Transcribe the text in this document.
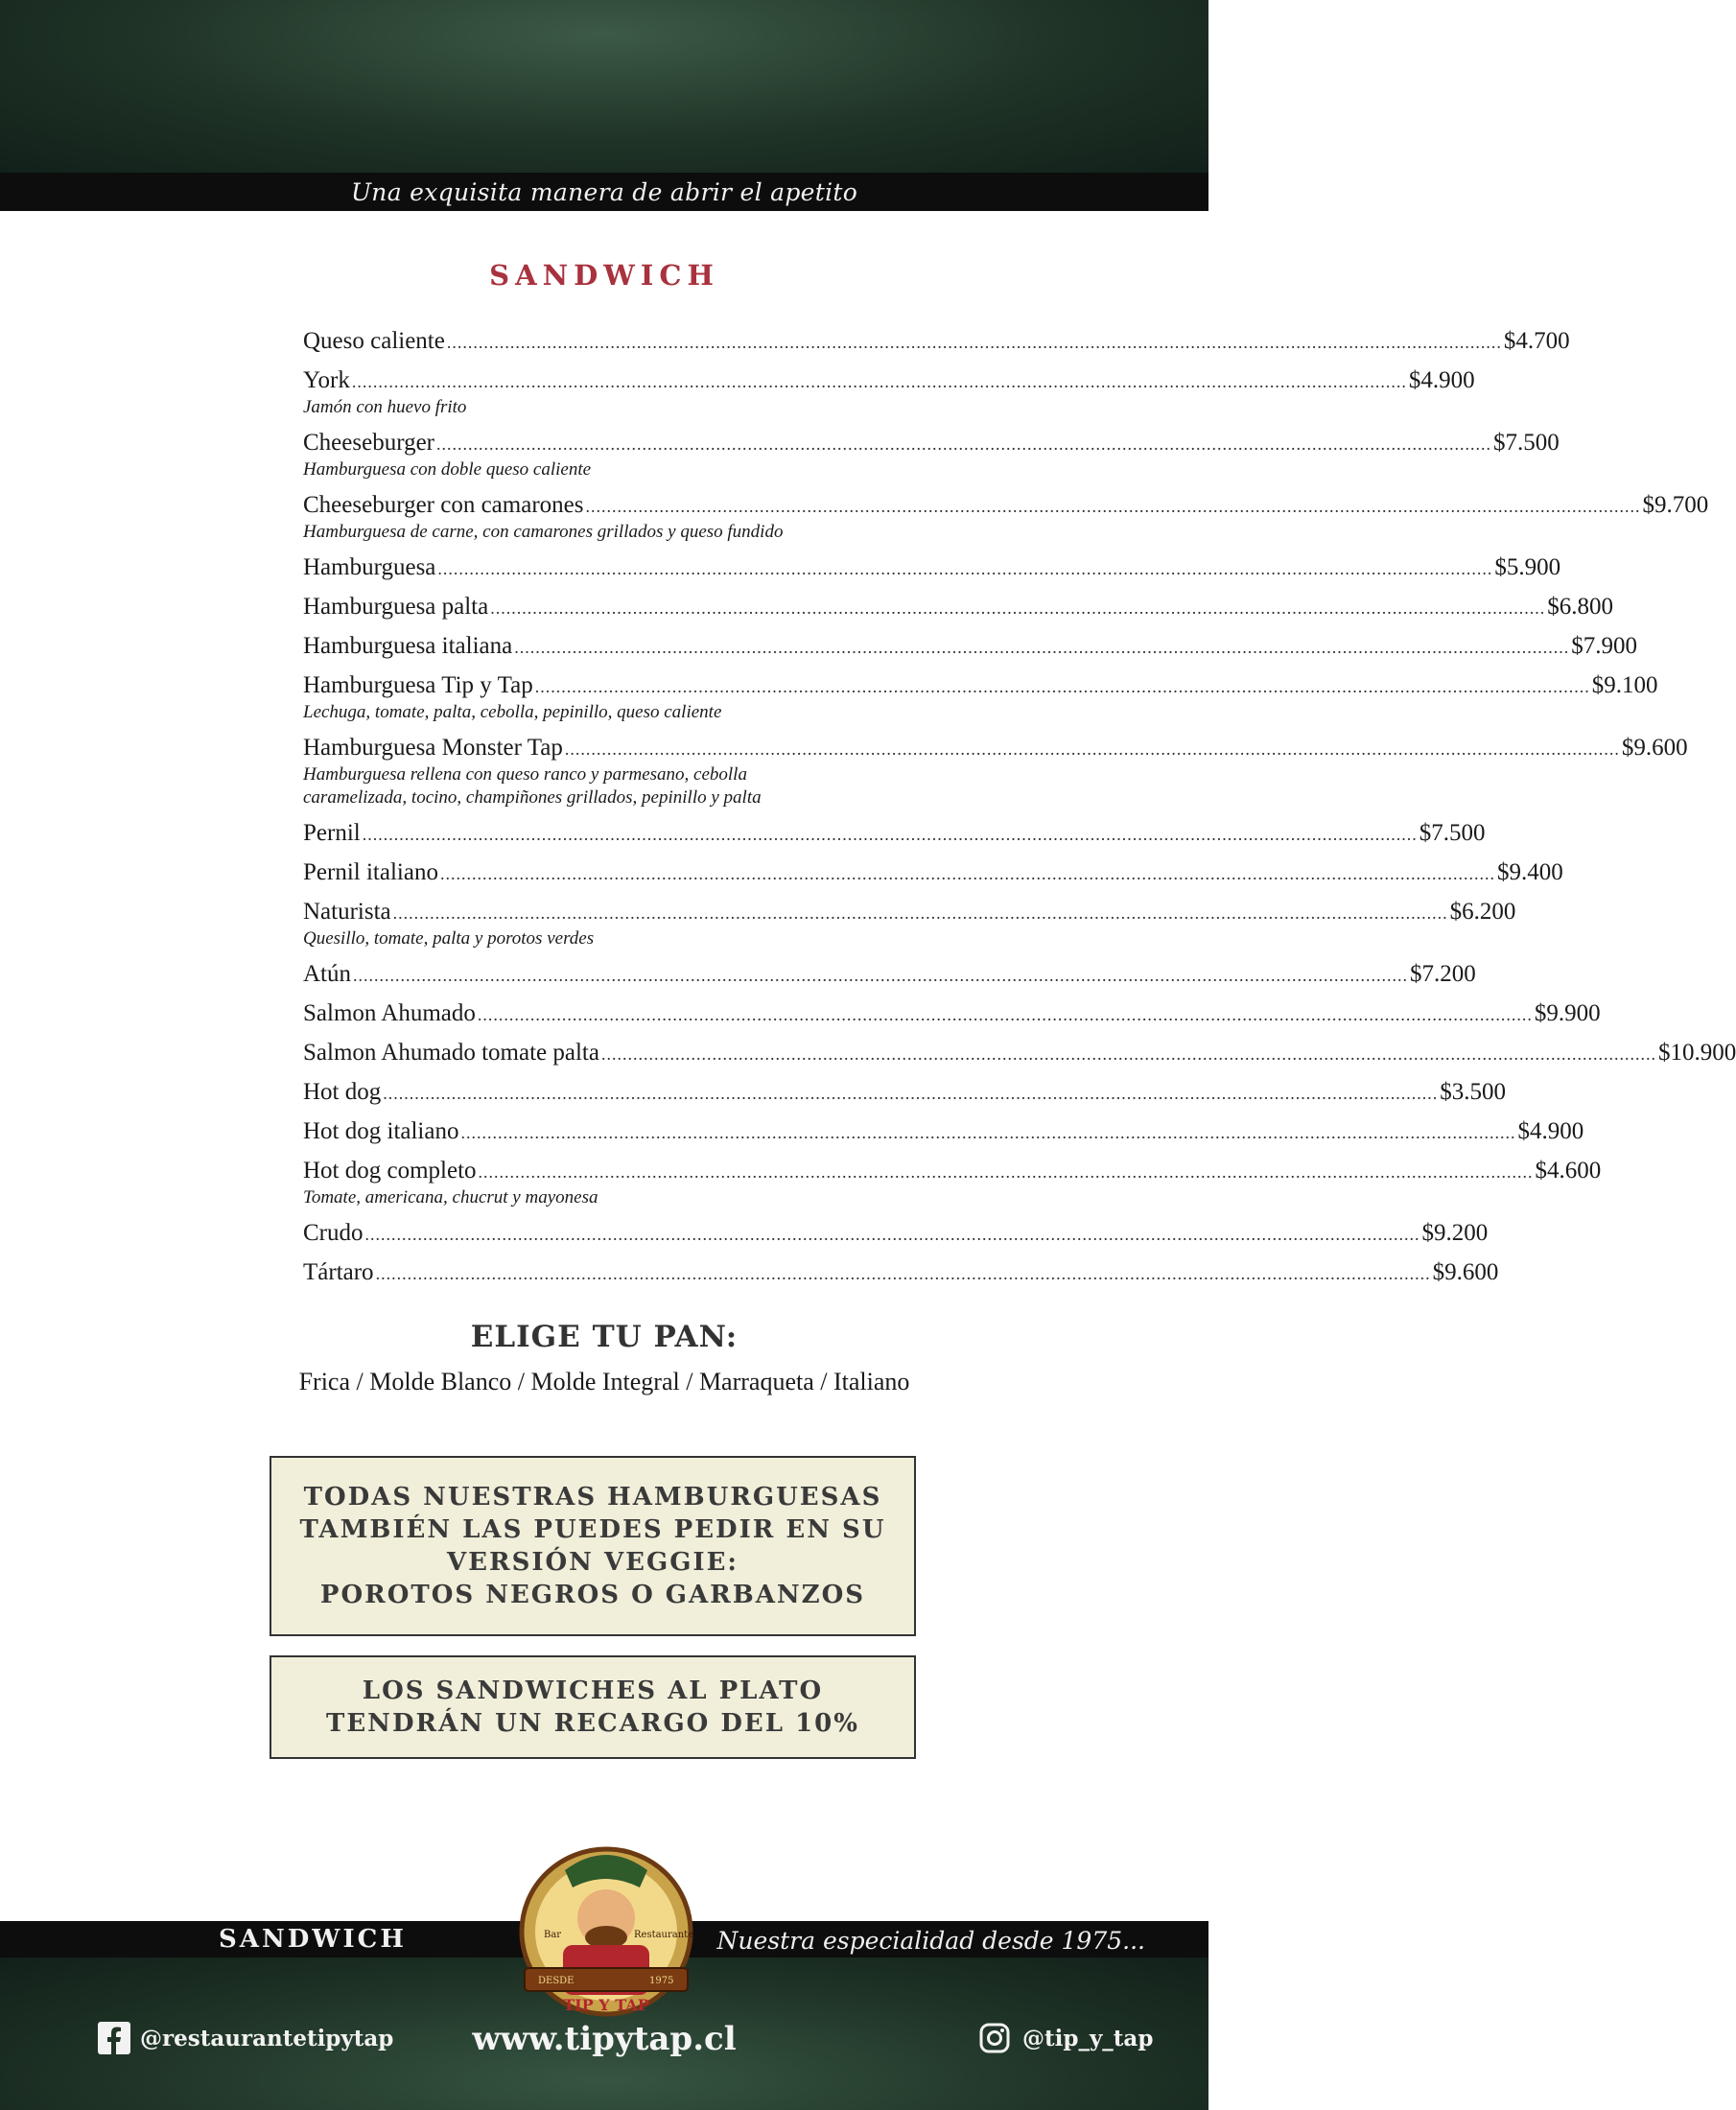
Una exquisita manera de abrir el apetito
SANDWICH
Queso caliente ........................................................................................................................................................................................................ $ 4.700
York ........................................................................................................................................................................................................ $ 4.900
Jamón con huevo frito
Cheeseburger ........................................................................................................................................................................................................ $ 7.500
Hamburguesa con doble queso caliente
Cheeseburger con camarones ........................................................................................................................................................................................................ $ 9.700
Hamburguesa de carne, con camarones grillados y queso fundido
Hamburguesa ........................................................................................................................................................................................................ $ 5.900
Hamburguesa palta ........................................................................................................................................................................................................ $ 6.800
Hamburguesa italiana ........................................................................................................................................................................................................ $ 7.900
Hamburguesa Tip y Tap ........................................................................................................................................................................................................ $ 9.100
Lechuga, tomate, palta, cebolla, pepinillo, queso caliente
Hamburguesa Monster Tap ........................................................................................................................................................................................................ $ 9.600
Hamburguesa rellena con queso ranco y parmesano, cebolla caramelizada, tocino, champiñones grillados, pepinillo y palta
Pernil ........................................................................................................................................................................................................ $ 7.500
Pernil italiano ........................................................................................................................................................................................................ $ 9.400
Naturista ........................................................................................................................................................................................................ $ 6.200
Quesillo, tomate, palta y porotos verdes
Atún ........................................................................................................................................................................................................ $ 7.200
Salmon Ahumado ........................................................................................................................................................................................................ $ 9.900
Salmon Ahumado tomate palta ........................................................................................................................................................................................................ $ 10.900
Hot dog ........................................................................................................................................................................................................ $ 3.500
Hot dog italiano ........................................................................................................................................................................................................ $ 4.900
Hot dog completo ........................................................................................................................................................................................................ $ 4.600
Tomate, americana, chucrut y mayonesa
Crudo ........................................................................................................................................................................................................ $ 9.200
Tártaro ........................................................................................................................................................................................................ $ 9.600
ELIGE TU PAN:
Frica / Molde Blanco / Molde Integral / Marraqueta / Italiano
TODAS NUESTRAS HAMBURGUESAS
TAMBIÉN LAS PUEDES PEDIR EN SU
VERSIÓN VEGGIE:
POROTOS NEGROS O GARBANZOS
LOS SANDWICHES AL PLATO
TENDRÁN UN RECARGO DEL 10%
SANDWICH	Nuestra especialidad desde 1975...
Bar	Restaurante
DESDE	1975
TIP Y TAP
@restaurantetipytap	www.tipytap.cl	@tip_y_tap
